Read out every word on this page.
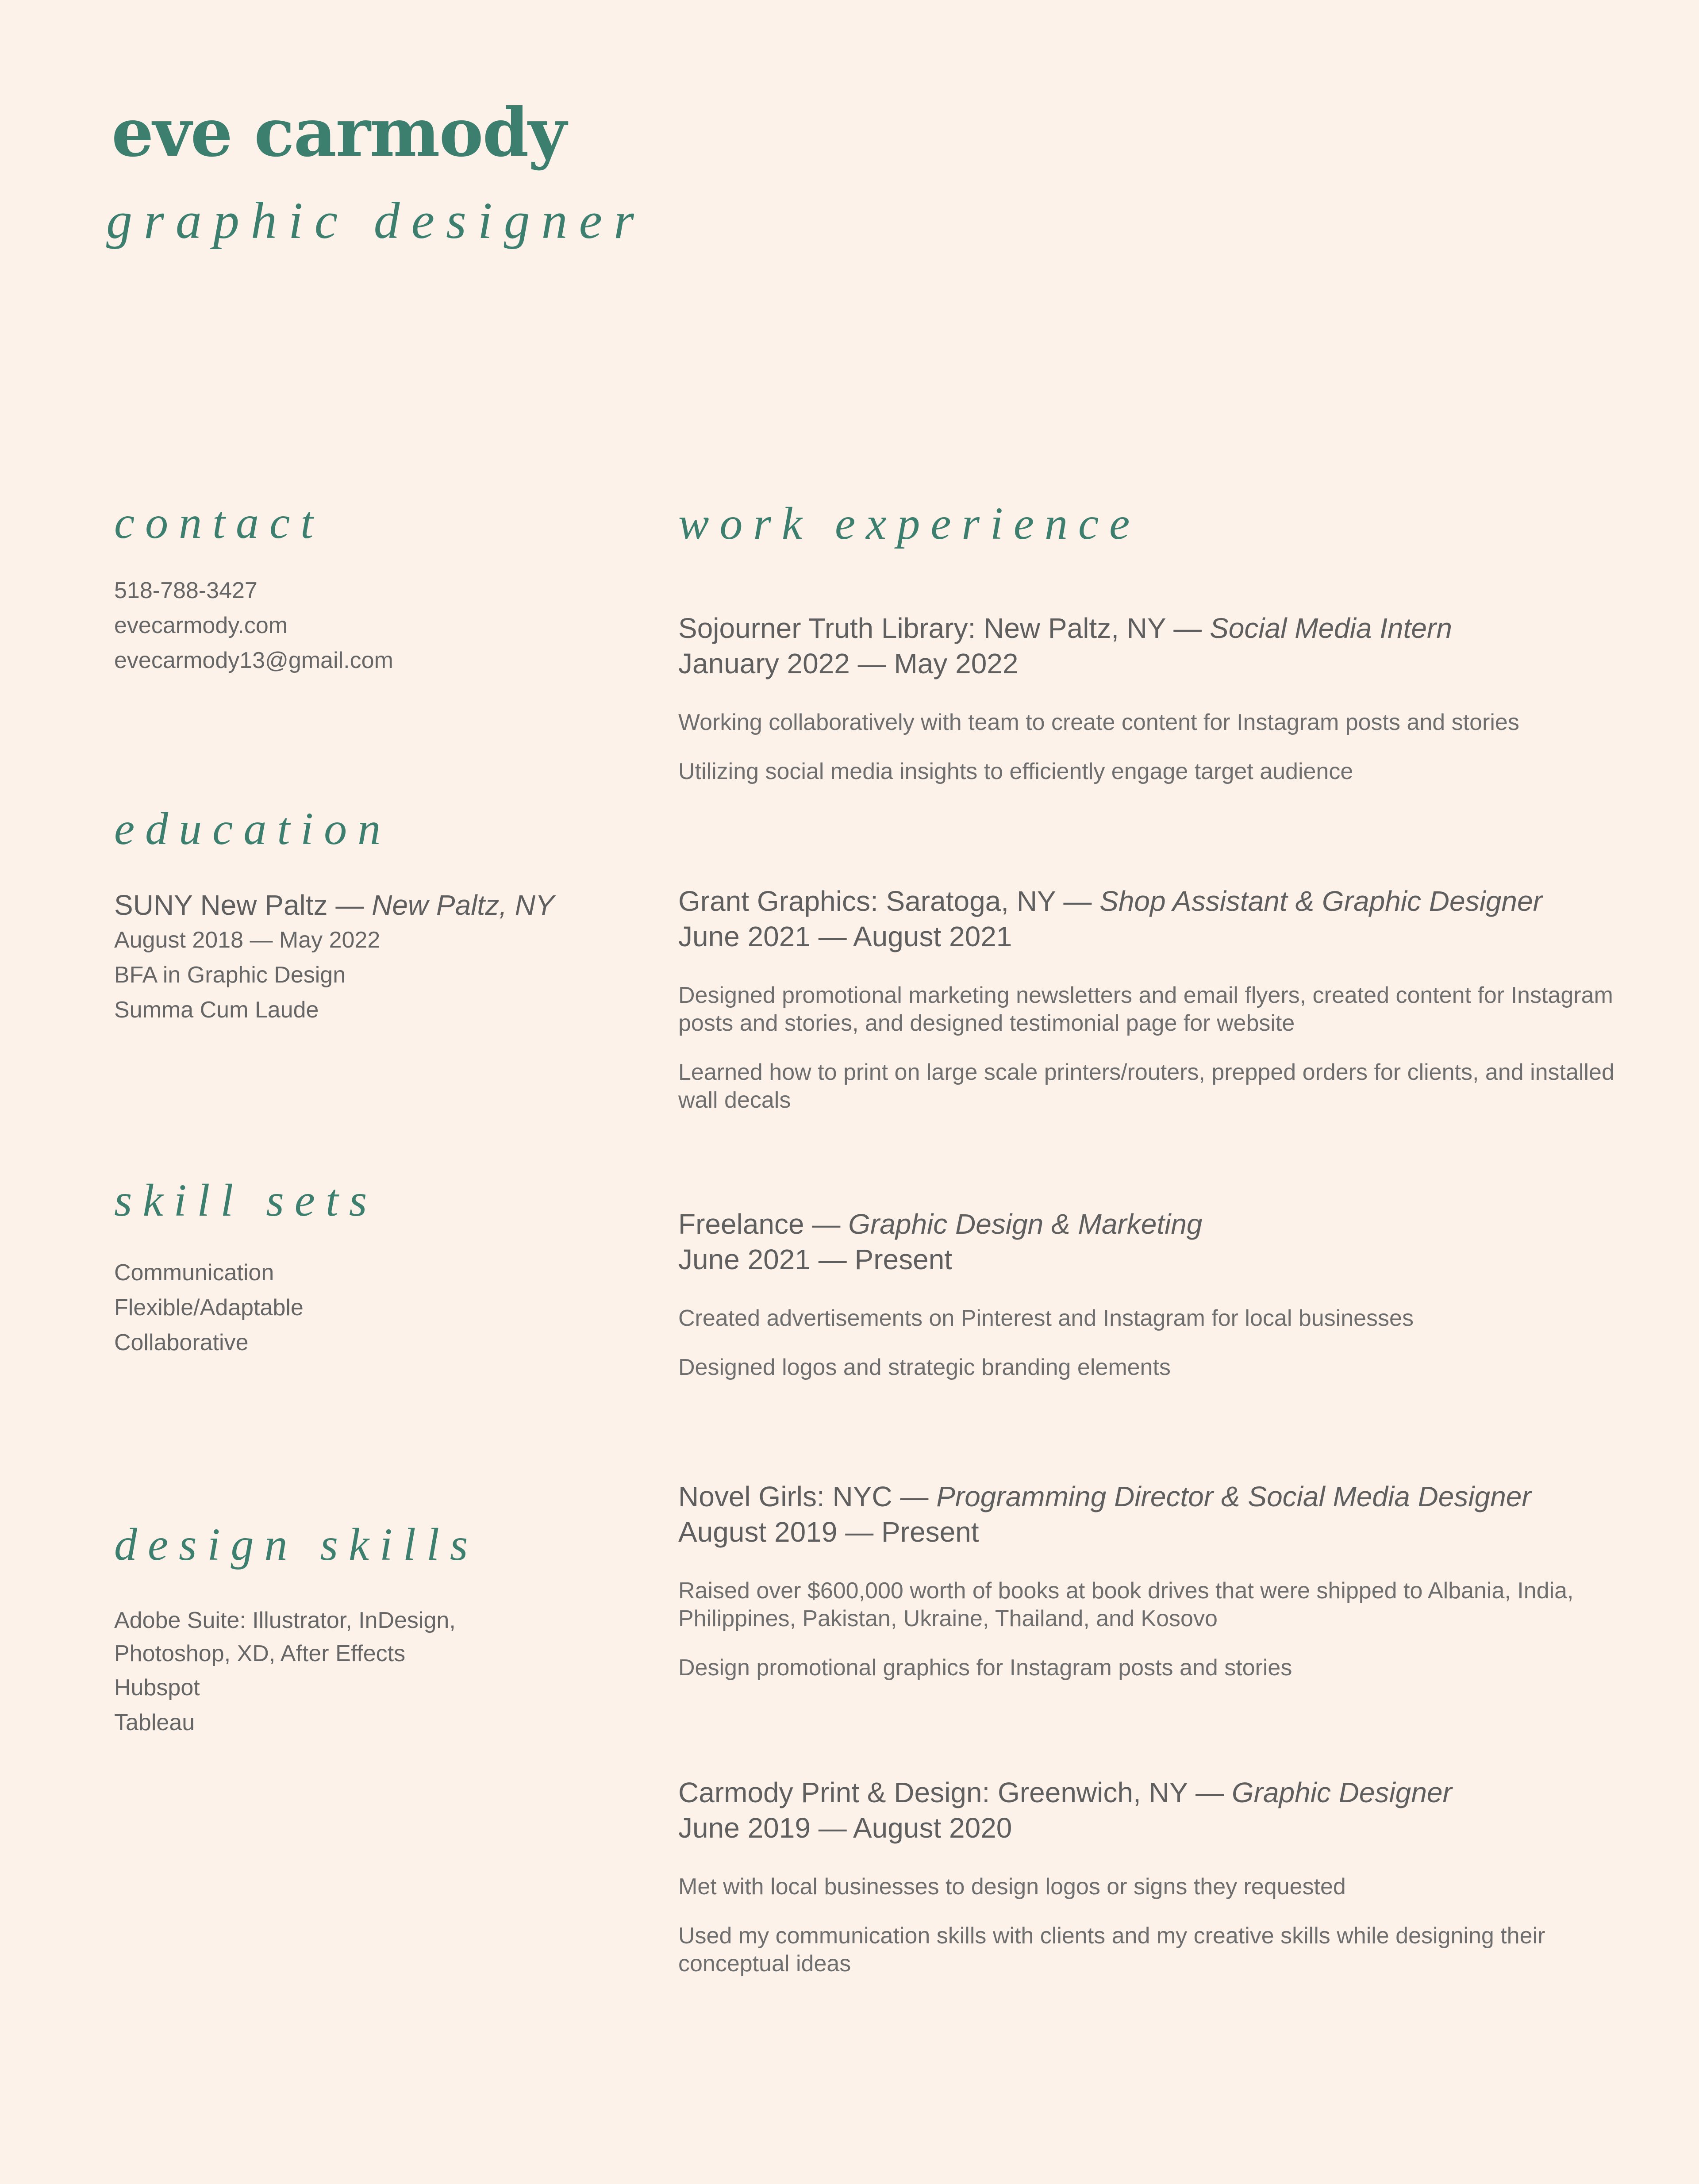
eve carmody
graphic designer
contact
518-788-3427
evecarmody.com
evecarmody13@gmail.com
education
SUNY New Paltz — New Paltz, NY
August 2018 — May 2022
BFA in Graphic Design
Summa Cum Laude
skill sets
Communication
Flexible/Adaptable
Collaborative
design skills
Adobe Suite: Illustrator, InDesign, Photoshop, XD, After Effects
Hubspot
Tableau
work experience
Sojourner Truth Library: New Paltz, NY — Social Media Intern
January 2022 — May 2022
Working collaboratively with team to create content for Instagram posts and stories
Utilizing social media insights to efficiently engage target audience
Grant Graphics: Saratoga, NY — Shop Assistant & Graphic Designer
June 2021 — August 2021
Designed promotional marketing newsletters and email flyers, created content for Instagram posts and stories, and designed testimonial page for website
Learned how to print on large scale printers/routers, prepped orders for clients, and installed wall decals
Freelance — Graphic Design & Marketing
June 2021 — Present
Created advertisements on Pinterest and Instagram for local businesses
Designed logos and strategic branding elements
Novel Girls: NYC — Programming Director & Social Media Designer
August 2019 — Present
Raised over $600,000 worth of books at book drives that were shipped to Albania, India, Philippines, Pakistan, Ukraine, Thailand, and Kosovo
Design promotional graphics for Instagram posts and stories
Carmody Print & Design: Greenwich, NY — Graphic Designer
June 2019 — August 2020
Met with local businesses to design logos or signs they requested
Used my communication skills with clients and my creative skills while designing their conceptual ideas
